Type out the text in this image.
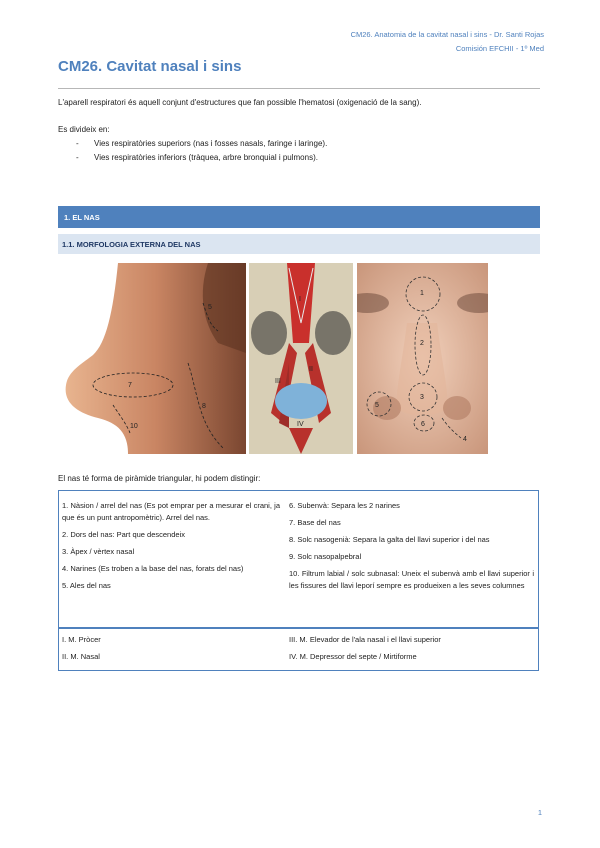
CM26. Anatomia de la cavitat nasal i sins - Dr. Santi Rojas
Comisión EFCHII - 1º Med
CM26. Cavitat nasal i sins
L'aparell respiratori és aquell conjunt d'estructures que fan possible l'hematosi (oxigenació de la sang).
Es divideix en:
- Vies respiratòries superiors (nas i fosses nasals, faringe i laringe).
- Vies respiratòries inferiors (tràquea, arbre bronquial i pulmons).
1. EL NAS
1.1. MORFOLOGIA EXTERNA DEL NAS
5
7
8
10
I
II
III
IV
1
2
3
5
6
4
El nas té forma de piràmide triangular, hi podem distingir:
1. Nàsion / arrel del nas (Es pot emprar per a mesurar el crani, ja que és un punt antropomètric). Arrel del nas.
2. Dors del nas: Part que descendeix
3. Àpex / vèrtex nasal
4. Narines (Es troben a la base del nas, forats del nas)
5. Ales del nas
6. Subenvà: Separa les 2 narines
7. Base del nas
8. Solc nasogenià: Separa la galta del llavi superior i del nas
9. Solc nasopalpebral
10. Filtrum labial / solc subnasal: Uneix el subenvà amb el llavi superior i les fissures del llavi leporí sempre es produeixen a les seves columnes
I. M. Pròcer
II. M. Nasal
III. M. Elevador de l'ala nasal i el llavi superior
IV. M. Depressor del septe / Mirtiforme
1
